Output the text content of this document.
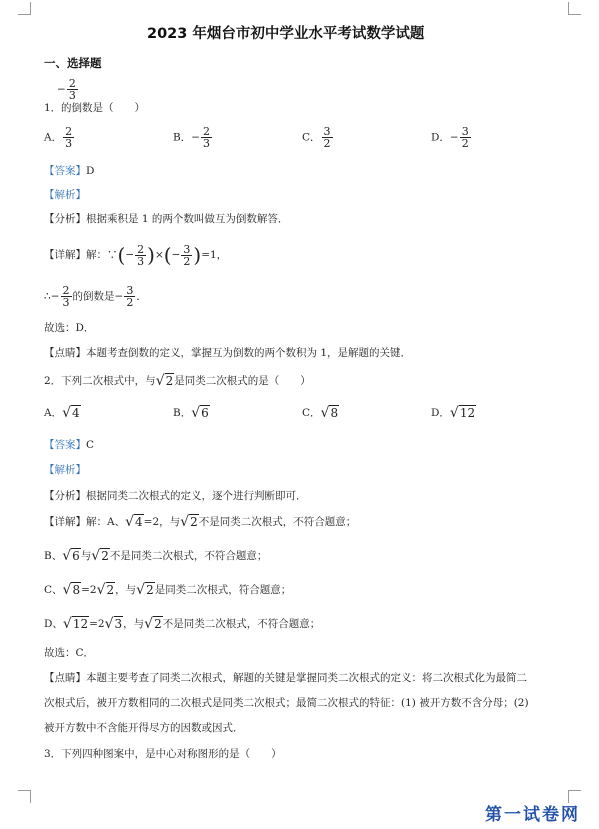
2023 年烟台市初中学业水平考试数学试题
一、选择题
− $\frac{2}{3}$
1． 的倒数是（　　）
A． $\frac{2}{3}$	B．− $\frac{2}{3}$	C． $\frac{3}{2}$	D．− $\frac{3}{2}$
【答案】D
【解析】
【分析】根据乘积是 1 的两个数叫做互为倒数解答．
【详解】解：∵(− $\frac{2}{3}$ )×(− $\frac{3}{2} )=1$，
∴− $\frac{2}{3}$ 的倒数是− $\frac{3}{2}$ ．
故选：D．
【点睛】本题考查倒数的定义，掌握互为倒数的两个数积为 1，是解题的关键．
2．下列二次根式中，与√2是同类二次根式的是（　　）
A．√4	B．√6	C．√8	D．√12
【答案】C
【解析】
【分析】根据同类二次根式的定义，逐个进行判断即可．
【详解】解：A、√4=2，与√2不是同类二次根式，不符合题意；
B、√6与√2不是同类二次根式，不符合题意；
C、√8=2√2，与√2是同类二次根式，符合题意；
D、√12=2√3，与√2不是同类二次根式，不符合题意；
故选：C．
【点睛】本题主要考查了同类二次根式，解题的关键是掌握同类二次根式的定义：将二次根式化为最简二
次根式后，被开方数相同的二次根式是同类二次根式；最简二次根式的特征：(1) 被开方数不含分母；(2)
被开方数中不含能开得尽方的因数或因式．
3．下列四种图案中，是中心对称图形的是（　　）
第一试卷网
